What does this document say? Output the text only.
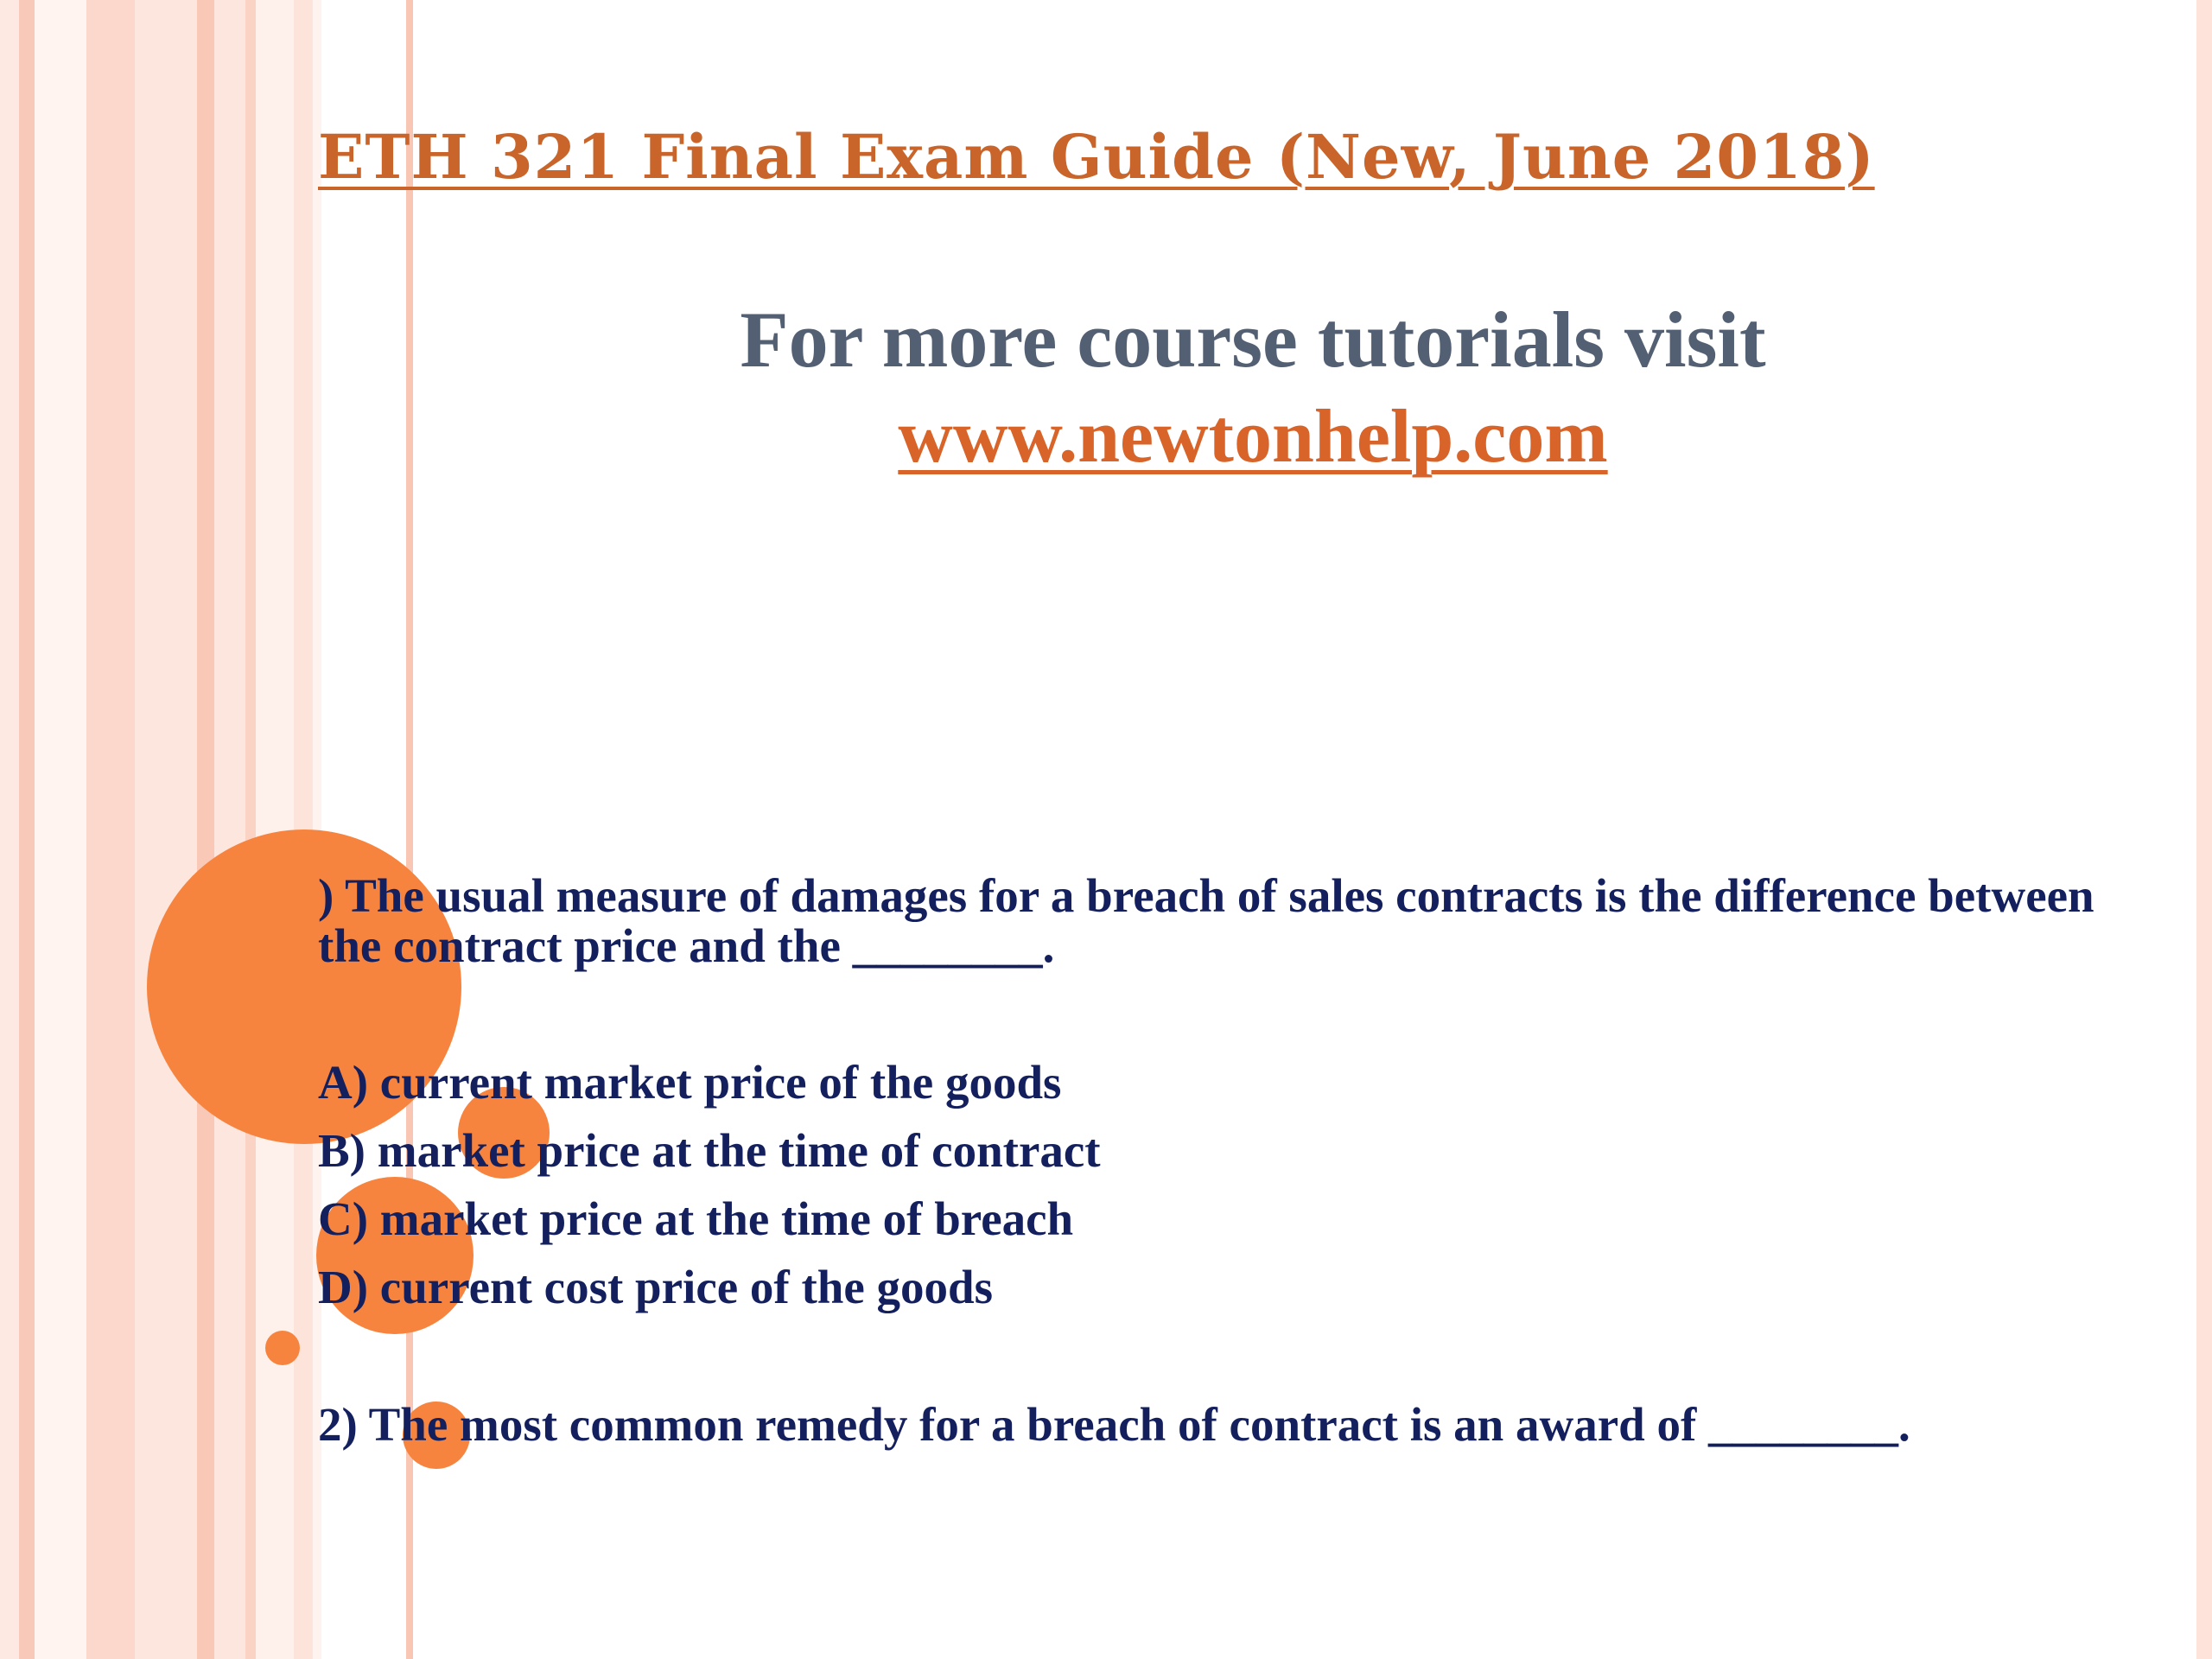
ETH 321 Final Exam Guide (New, June 2018)

For more course tutorials visit

www.newtonhelp.com

) The usual measure of damages for a breach of sales contracts is the difference between the contract price and the ________.

A) current market price of the goods
B) market price at the time of contract
C) market price at the time of breach
D) current cost price of the goods

2) The most common remedy for a breach of contract is an award of ________.
